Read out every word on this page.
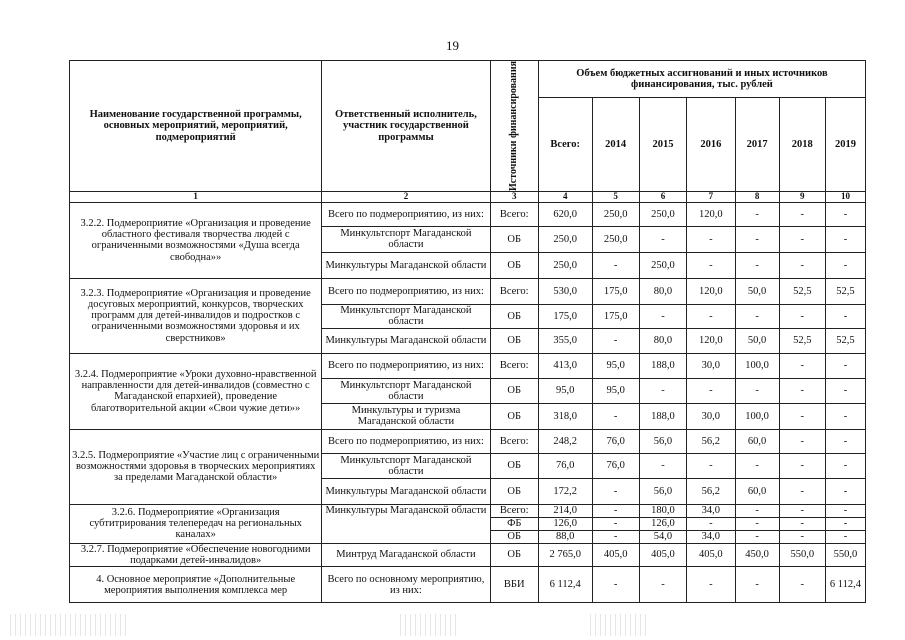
19
Наименование государственной программы, основных мероприятий, мероприятий, подмероприятий	Ответственный исполнитель, участник государственной программы	Источники финансирования	Объем бюджетных ассигнований и иных источников финансирования, тыс. рублей						
			Всего:	2014	2015	2016	2017	2018	2019
1	2	3	4	5	6	7	8	9	10
3.2.2. Подмероприятие «Организация и проведение областного фестиваля творчества людей с ограниченными возможностями «Душа всегда свободна»»	Всего по подмероприятию, из них:	Всего:	620,0	250,0	250,0	120,0	-	-	-
	Минкультспорт Магаданской области	ОБ	250,0	250,0	-	-	-	-	-
	Минкультуры Магаданской области	ОБ	250,0	-	250,0	-	-	-	-
3.2.3. Подмероприятие «Организация и проведение досуговых мероприятий, конкурсов, творческих программ для детей-инвалидов и подростков с ограниченными возможностями здоровья и их сверстников»	Всего по подмероприятию, из них:	Всего:	530,0	175,0	80,0	120,0	50,0	52,5	52,5
	Минкультспорт Магаданской области	ОБ	175,0	175,0	-	-	-	-	-
	Минкультуры Магаданской области	ОБ	355,0	-	80,0	120,0	50,0	52,5	52,5
3.2.4. Подмероприятие «Уроки духовно-нравственной направленности для детей-инвалидов (совместно с Магаданской епархией), проведение благотворительной акции «Свои чужие дети»»	Всего по подмероприятию, из них:	Всего:	413,0	95,0	188,0	30,0	100,0	-	-
	Минкультспорт Магаданской области	ОБ	95,0	95,0	-	-	-	-	-
	Минкультуры и туризма Магаданской области	ОБ	318,0	-	188,0	30,0	100,0	-	-
3.2.5. Подмероприятие «Участие лиц с ограниченными возможностями здоровья в творческих мероприятиях за пределами Магаданской области»	Всего по подмероприятию, из них:	Всего:	248,2	76,0	56,0	56,2	60,0	-	-
	Минкультспорт Магаданской области	ОБ	76,0	76,0	-	-	-	-	-
	Минкультуры Магаданской области	ОБ	172,2	-	56,0	56,2	60,0	-	-
3.2.6. Подмероприятие «Организация субтитрирования телепередач на региональных каналах»	Минкультуры Магаданской области	Всего:	214,0	-	180,0	34,0	-	-	-
		ФБ	126,0	-	126,0	-	-	-	-
		ОБ	88,0	-	54,0	34,0	-	-	-
3.2.7. Подмероприятие «Обеспечение новогодними подарками детей-инвалидов»	Минтруд Магаданской области	ОБ	2 765,0	405,0	405,0	405,0	450,0	550,0	550,0
4. Основное мероприятие «Дополнительные мероприятия выполнения комплекса мер	Всего по основному мероприятию, из них:	ВБИ	6 112,4	-	-	-	-	-	6 112,4
